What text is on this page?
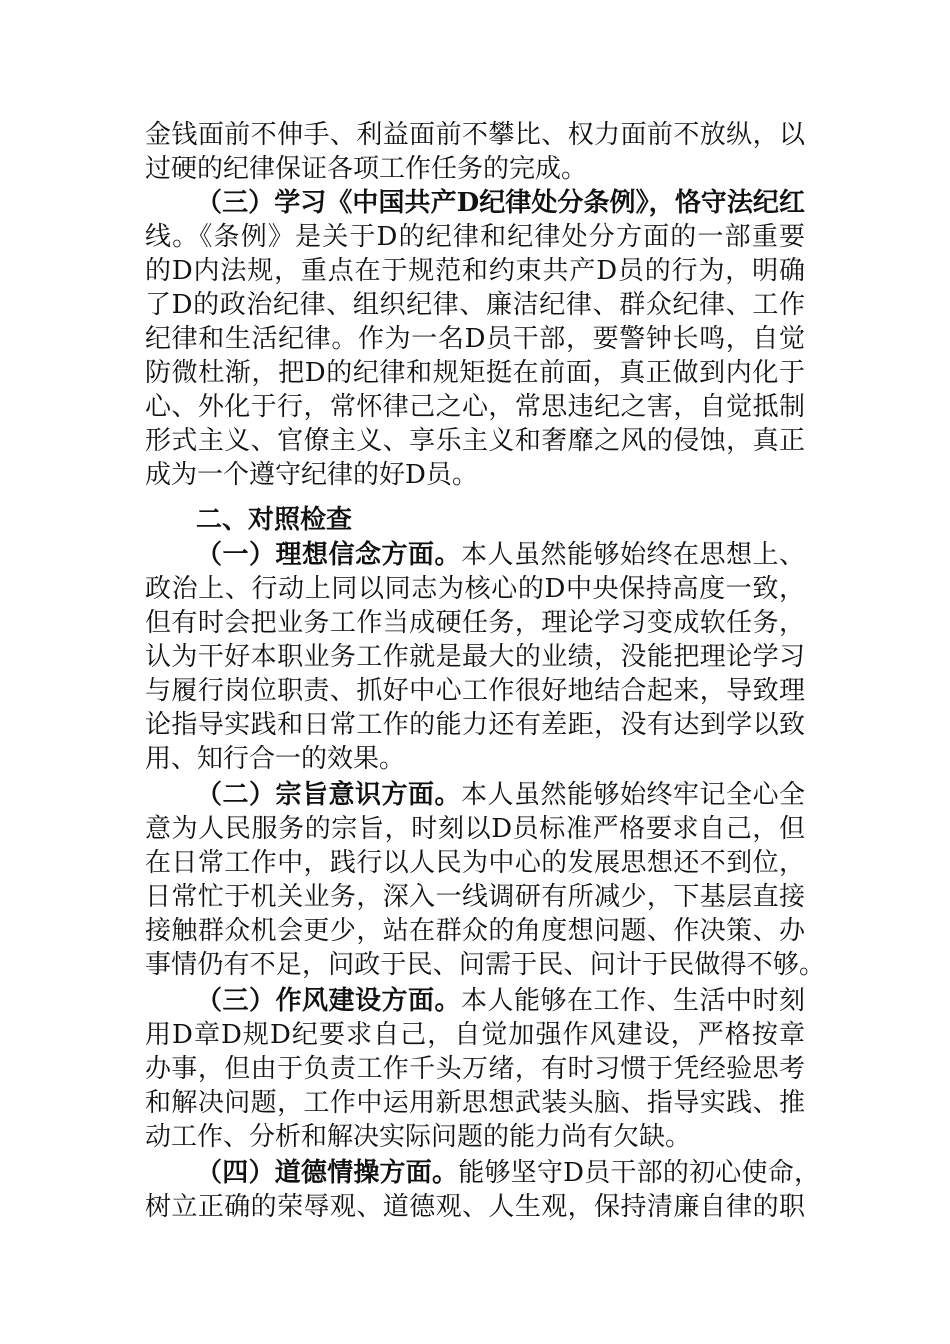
金钱面前不伸手、利益面前不攀比、权力面前不放纵，以
过硬的纪律保证各项工作任务的完成。
（三）学习《中国共产D纪律处分条例》，恪守法纪红
线。《条例》是关于D的纪律和纪律处分方面的一部重要
的D内法规，重点在于规范和约束共产D员的行为，明确
了D的政治纪律、组织纪律、廉洁纪律、群众纪律、工作
纪律和生活纪律。作为一名D员干部，要警钟长鸣，自觉
防微杜渐，把D的纪律和规矩挺在前面，真正做到内化于
心、外化于行，常怀律己之心，常思违纪之害，自觉抵制
形式主义、官僚主义、享乐主义和奢靡之风的侵蚀，真正
成为一个遵守纪律的好D员。
二、对照检查
（一）理想信念方面。本人虽然能够始终在思想上、
政治上、行动上同以同志为核心的D中央保持高度一致，
但有时会把业务工作当成硬任务，理论学习变成软任务，
认为干好本职业务工作就是最大的业绩，没能把理论学习
与履行岗位职责、抓好中心工作很好地结合起来，导致理
论指导实践和日常工作的能力还有差距，没有达到学以致
用、知行合一的效果。
（二）宗旨意识方面。本人虽然能够始终牢记全心全
意为人民服务的宗旨，时刻以D员标准严格要求自己，但
在日常工作中，践行以人民为中心的发展思想还不到位，
日常忙于机关业务，深入一线调研有所减少，下基层直接
接触群众机会更少，站在群众的角度想问题、作决策、办
事情仍有不足，问政于民、问需于民、问计于民做得不够。
（三）作风建设方面。本人能够在工作、生活中时刻
用D章D规D纪要求自己，自觉加强作风建设，严格按章
办事，但由于负责工作千头万绪，有时习惯于凭经验思考
和解决问题，工作中运用新思想武装头脑、指导实践、推
动工作、分析和解决实际问题的能力尚有欠缺。
（四）道德情操方面。能够坚守D员干部的初心使命，
树立正确的荣辱观、道德观、人生观，保持清廉自律的职
